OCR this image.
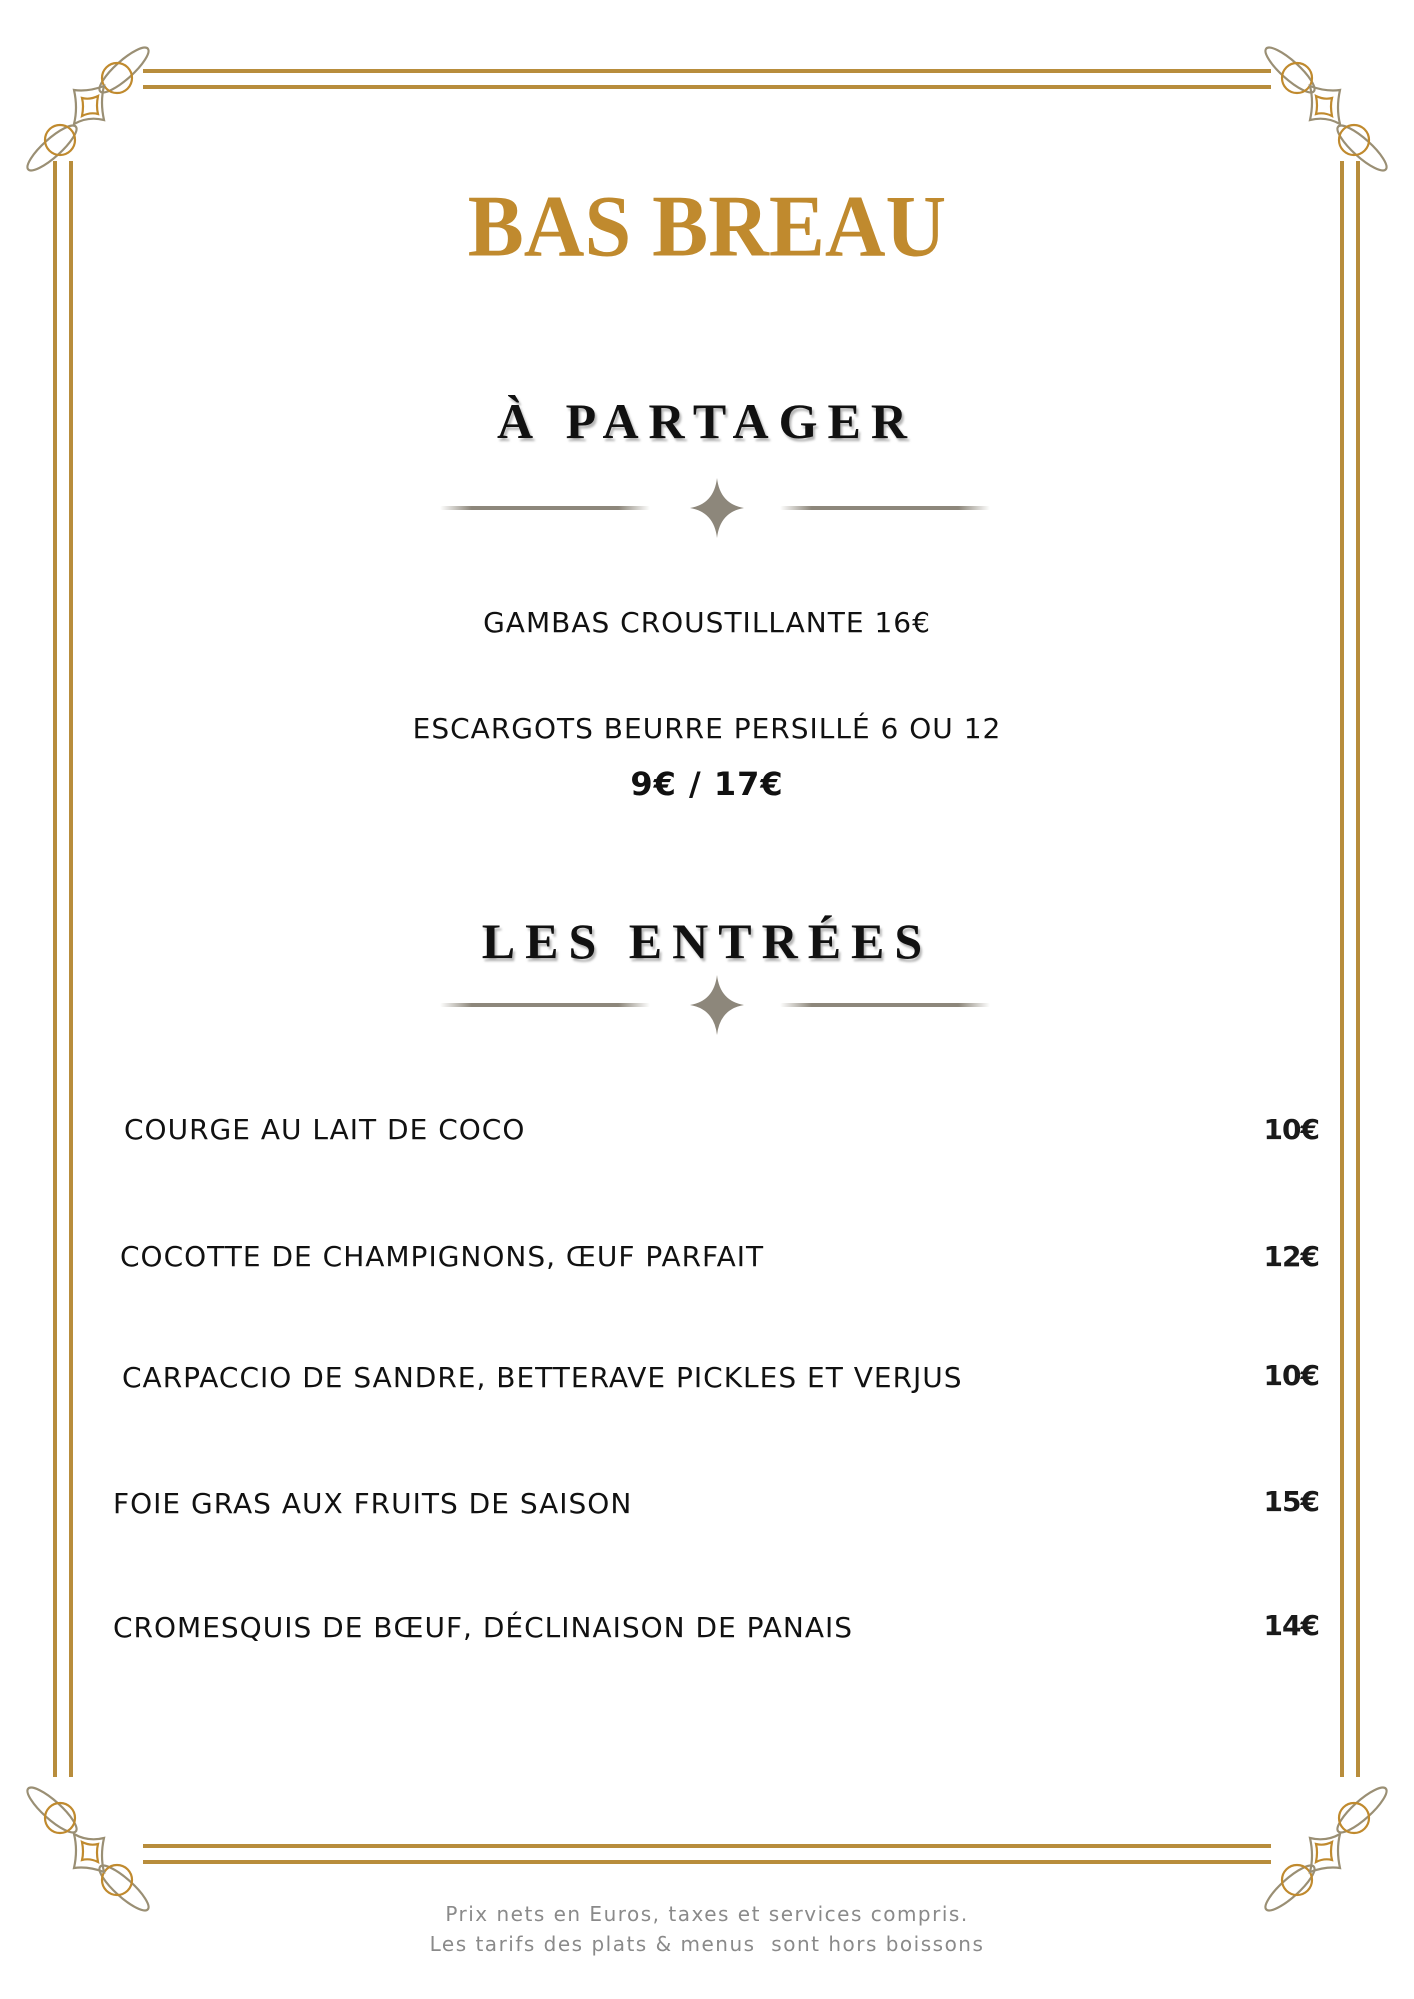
BAS BREAU
À PARTAGER
GAMBAS CROUSTILLANTE 16€
ESCARGOTS BEURRE PERSILLÉ 6 OU 12
9€ / 17€
LES ENTRÉES
COURGE AU LAIT DE COCO	10€
COCOTTE DE CHAMPIGNONS, ŒUF PARFAIT	12€
CARPACCIO DE SANDRE, BETTERAVE PICKLES ET VERJUS	10€
FOIE GRAS AUX FRUITS DE SAISON	15€
CROMESQUIS DE BŒUF, DÉCLINAISON DE PANAIS	14€
Prix nets en Euros, taxes et services compris.
Les tarifs des plats & menus  sont hors boissons
